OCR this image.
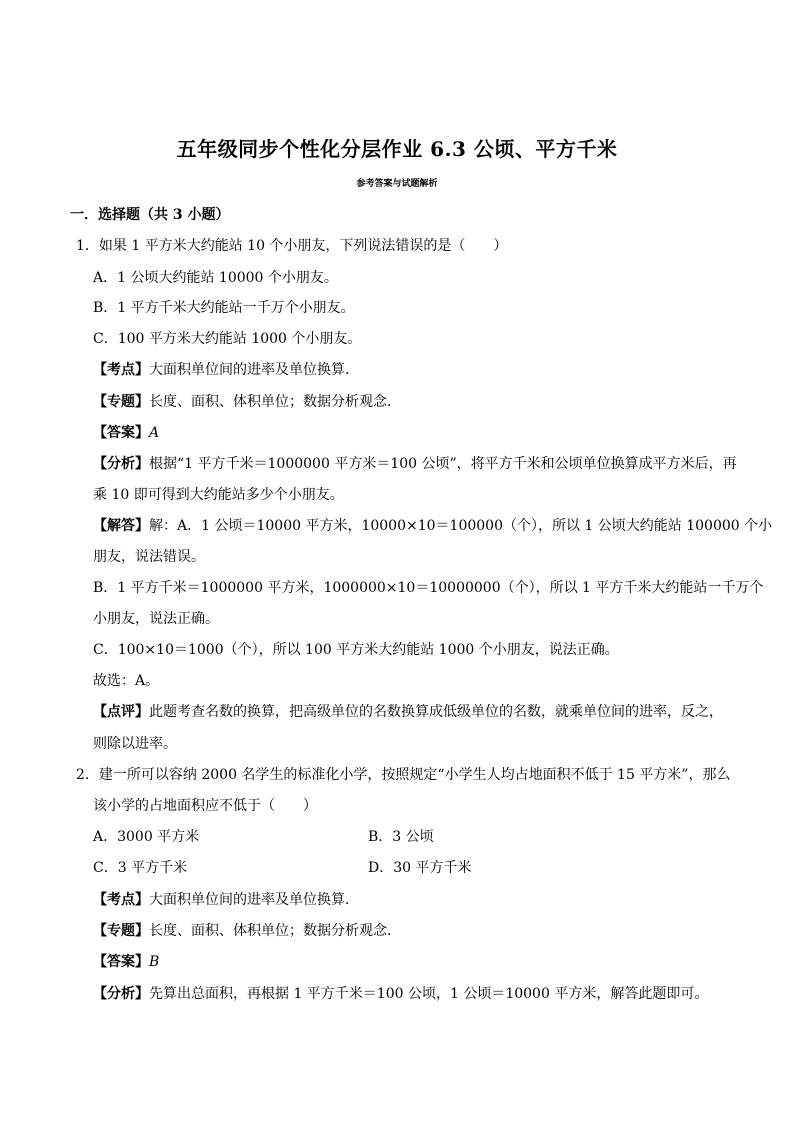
五年级同步个性化分层作业 6.3 公顷、平方千米
参考答案与试题解析
一．选择题（共 3 小题）
1．如果 1 平方米大约能站 10 个小朋友，下列说法错误的是（　　）
A．1 公顷大约能站 10000 个小朋友。
B．1 平方千米大约能站一千万个小朋友。
C．100 平方米大约能站 1000 个小朋友。
【考点】大面积单位间的进率及单位换算．
【专题】长度、面积、体积单位；数据分析观念．
【答案】A
【分析】根据“1 平方千米＝1000000 平方米＝100 公顷”，将平方千米和公顷单位换算成平方米后，再
乘 10 即可得到大约能站多少个小朋友。
【解答】解：A．1 公顷＝10000 平方米，10000×10＝100000（个），所以 1 公顷大约能站 100000 个小
朋友，说法错误。
B．1 平方千米＝1000000 平方米，1000000×10＝10000000（个），所以 1 平方千米大约能站一千万个
小朋友，说法正确。
C．100×10＝1000（个），所以 100 平方米大约能站 1000 个小朋友，说法正确。
故选：A。
【点评】此题考查名数的换算，把高级单位的名数换算成低级单位的名数，就乘单位间的进率，反之，
则除以进率。
2．建一所可以容纳 2000 名学生的标准化小学，按照规定“小学生人均占地面积不低于 15 平方米”，那么
该小学的占地面积应不低于（　　）
A．3000 平方米	B．3 公顷
C．3 平方千米	D．30 平方千米
【考点】大面积单位间的进率及单位换算．
【专题】长度、面积、体积单位；数据分析观念．
【答案】B
【分析】先算出总面积，再根据 1 平方千米＝100 公顷，1 公顷＝10000 平方米，解答此题即可。
